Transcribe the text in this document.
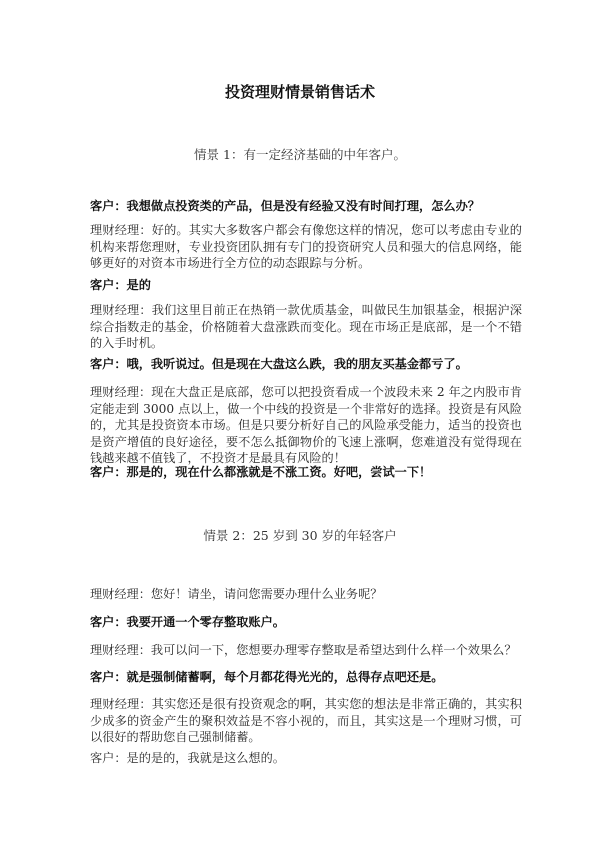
投资理财情景销售话术
情景 1：有一定经济基础的中年客户。
客户：我想做点投资类的产品，但是没有经验又没有时间打理，怎么办？
理财经理：好的。其实大多数客户都会有像您这样的情况，您可以考虑由专业的机构来帮您理财，专业投资团队拥有专门的投资研究人员和强大的信息网络，能够更好的对资本市场进行全方位的动态跟踪与分析。
客户：是的
理财经理：我们这里目前正在热销一款优质基金，叫做民生加银基金，根据沪深综合指数走的基金，价格随着大盘涨跌而变化。现在市场正是底部，是一个不错的入手时机。
客户：哦，我听说过。但是现在大盘这么跌，我的朋友买基金都亏了。
理财经理：现在大盘正是底部，您可以把投资看成一个波段未来 2 年之内股市肯定能走到 3000 点以上，做一个中线的投资是一个非常好的选择。投资是有风险的，尤其是投资资本市场。但是只要分析好自己的风险承受能力，适当的投资也是资产增值的良好途径，要不怎么抵御物价的飞速上涨啊，您难道没有觉得现在钱越来越不值钱了，不投资才是最具有风险的！
客户：那是的，现在什么都涨就是不涨工资。好吧，尝试一下！
情景 2：25 岁到 30 岁的年轻客户
理财经理：您好！请坐，请问您需要办理什么业务呢？
客户：我要开通一个零存整取账户。
理财经理：我可以问一下，您想要办理零存整取是希望达到什么样一个效果么？
客户：就是强制储蓄啊，每个月都花得光光的，总得存点吧还是。
理财经理：其实您还是很有投资观念的啊，其实您的想法是非常正确的，其实积少成多的资金产生的聚积效益是不容小视的，而且，其实这是一个理财习惯，可以很好的帮助您自己强制储蓄。
客户：是的是的，我就是这么想的。
